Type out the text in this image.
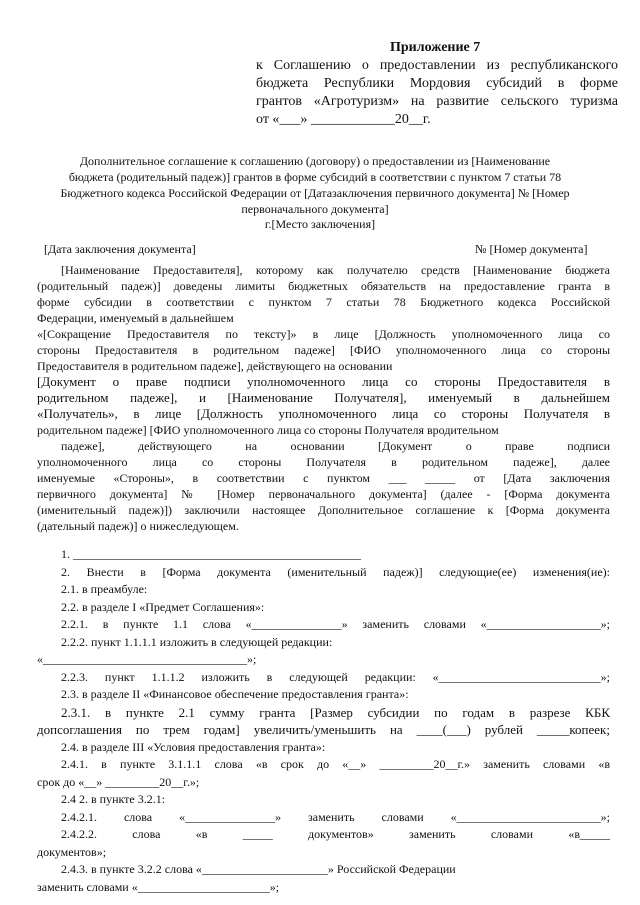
Приложение 7
к Соглашению о предоставлении из республиканского
бюджета Республики Мордовия субсидий в форме
грантов «Агротуризм» на развитие сельского туризма
от «___» ____________20__г.
Дополнительное соглашение к соглашению (договору) о предоставлении из [Наименование
бюджета (родительный падеж)] грантов в форме субсидий в соответствии с пунктом 7 статьи 78
Бюджетного кодекса Российской Федерации от [Датазаключения первичного документа] № [Номер
первоначального документа]
г.[Место заключения]
[Дата заключения документа]	№ [Номер документа]
[Наименование Предоставителя], которому как получателю средств [Наименование бюджета
(родительный падеж)] доведены лимиты бюджетных обязательств на предоставление гранта в
форме субсидии в соответствии с пунктом 7 статьи 78 Бюджетного кодекса Российской
Федерации, именуемый в дальнейшем
«[Сокращение Предоставителя по тексту]» в лице [Должность уполномоченного лица со
стороны Предоставителя в родительном падеже] [ФИО уполномоченного лица со стороны
Предоставителя в родительном падеже], действующего на основании
[Документ о праве подписи уполномоченного лица со стороны Предоставителя в
родительном падеже], и [Наименование Получателя], именуемый в дальнейшем
«Получатель», в лице [Должность уполномоченного лица со стороны Получателя в
родительном падеже] [ФИО уполномоченного лица со стороны Получателя вродительном
падеже], действующего на основании [Документ о праве подписи
уполномоченного лица со стороны Получателя в родительном падеже], далее
именуемые «Стороны», в соответствии с пунктом ___ _____ от [Дата заключения
первичного документа] № [Номер первоначального документа] (далее - [Форма документа
(именительный падеж)]) заключили настоящее Дополнительное соглашение к [Форма документа
(дательный падеж)] о нижеследующем.
1. ________________________________________________
2. Внести в [Форма документа (именительный падеж)] следующие(ее) изменения(ие):
2.1. в преамбуле:
2.2. в разделе I «Предмет Соглашения»:
2.2.1. в пункте 1.1 слова «_______________» заменить словами «___________________»;
2.2.2. пункт 1.1.1.1 изложить в следующей редакции:
«__________________________________»;
2.2.3. пункт 1.1.1.2 изложить в следующей редакции: «___________________________»;
2.3. в разделе II «Финансовое обеспечение предоставления гранта»:
2.3.1. в пункте 2.1 сумму гранта [Размер субсидии по годам в разрезе КБК
допсоглашения по трем годам] увеличить/уменьшить на ____(___) рублей _____копеек;
2.4. в разделе III «Условия предоставления гранта»:
2.4.1. в пункте 3.1.1.1 слова «в срок до «__» _________20__г.» заменить словами «в
срок до «__» _________20__г.»;
2.4 2. в пункте 3.2.1:
2.4.2.1. слова «_______________» заменить словами «________________________»;
2.4.2.2. слова «в _____ документов» заменить словами «в_____
документов»;
2.4.3. в пункте 3.2.2 слова «_____________________» Российской Федерации
заменить словами «______________________»;
